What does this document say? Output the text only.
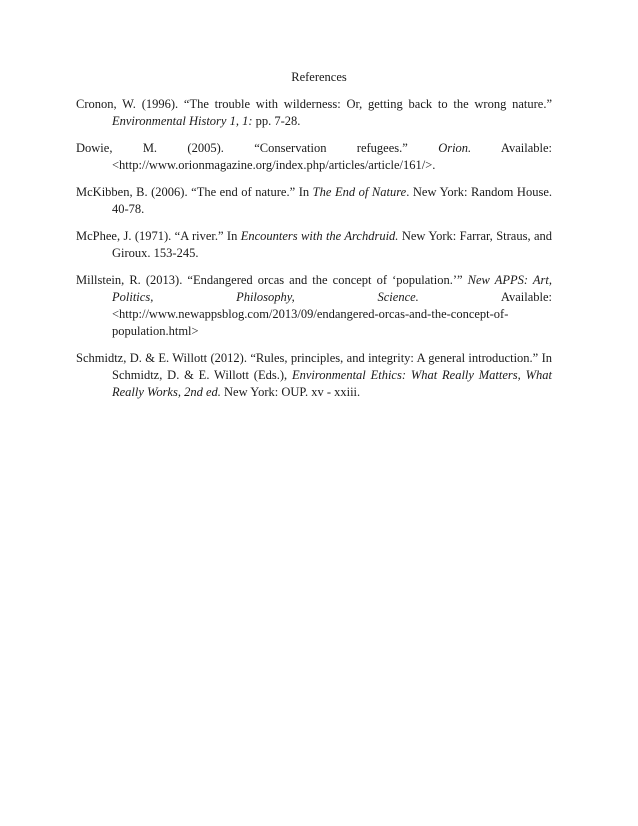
References

Cronon, W. (1996). “The trouble with wilderness: Or, getting back to the wrong nature.” Environmental History 1, 1: pp. 7-28.

Dowie, M. (2005). “Conservation refugees.” Orion. Available: <http://www.orionmagazine.org/index.php/articles/article/161/>.

McKibben, B. (2006). “The end of nature.” In The End of Nature. New York: Random House. 40-78.

McPhee, J. (1971). “A river.” In Encounters with the Archdruid. New York: Farrar, Straus, and Giroux. 153-245.

Millstein, R. (2013). “Endangered orcas and the concept of ‘population.’” New APPS: Art, Politics, Philosophy, Science. Available: <http://www.newappsblog.com/2013/09/endangered-orcas-and-the-concept-of-population.html>

Schmidtz, D. & E. Willott (2012). “Rules, principles, and integrity: A general introduction.” In Schmidtz, D. & E. Willott (Eds.), Environmental Ethics: What Really Matters, What Really Works, 2nd ed. New York: OUP. xv - xxiii.
